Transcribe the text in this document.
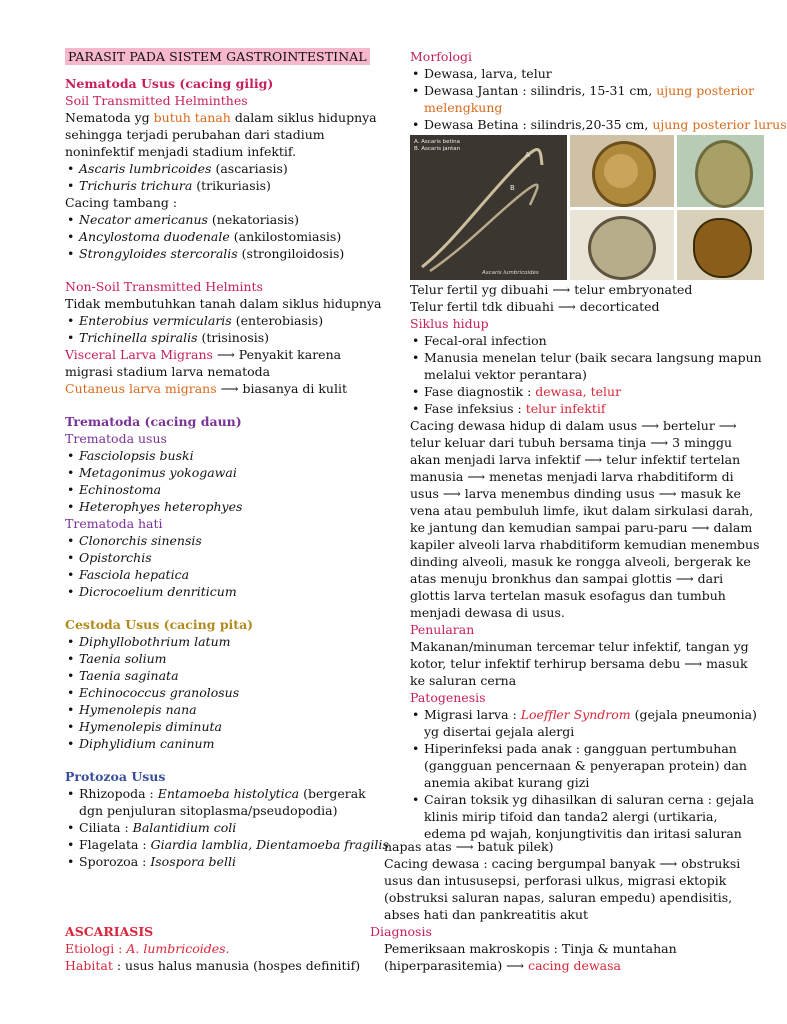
PARASIT PADA SISTEM GASTROINTESTINAL

Nematoda Usus (cacing gilig)

Soil Transmitted Helminthes

Nematoda yg butuh tanah dalam siklus hidupnya sehingga terjadi perubahan dari stadium noninfektif menjadi stadium infektif.

• Ascaris lumbricoides (ascariasis)
• Trichuris trichura (trikuriasis)

Cacing tambang :

• Necator americanus (nekatoriasis)
• Ancylostoma duodenale (ankilostomiasis)
• Strongyloides stercoralis (strongiloidosis)

Non-Soil Transmitted Helmints

Tidak membutuhkan tanah dalam siklus hidupnya

• Enterobius vermicularis (enterobiasis)
• Trichinella spiralis (trisinosis)

Visceral Larva Migrans ⟶ Penyakit karena migrasi stadium larva nematoda

Cutaneus larva migrans ⟶ biasanya di kulit

Trematoda (cacing daun)

Trematoda usus

• Fasciolopsis buski
• Metagonimus yokogawai
• Echinostoma
• Heterophyes heterophyes

Trematoda hati

• Clonorchis sinensis
• Opistorchis
• Fasciola hepatica
• Dicrocoelium denriticum

Cestoda Usus (cacing pita)

• Diphyllobothrium latum
• Taenia solium
• Taenia saginata
• Echinococcus granolosus
• Hymenolepis nana
• Hymenolepis diminuta
• Diphylidium caninum

Protozoa Usus

• Rhizopoda : Entamoeba histolytica (bergerak dgn penjuluran sitoplasma/pseudopodia)
• Ciliata : Balantidium coli
• Flagelata : Giardia lamblia, Dientamoeba fragilis
• Sporozoa : Isospora belli

ASCARIASIS

Etiologi : A. lumbricoides.

Habitat : usus halus manusia (hospes definitif)

Morfologi

• Dewasa, larva, telur
• Dewasa Jantan : silindris, 15-31 cm, ujung posterior melengkung
• Dewasa Betina : silindris,20-35 cm, ujung posterior lurus
A. Ascaris betina
B. Ascaris jantan
A
B
Ascaris lumbricoides

Telur fertil yg dibuahi ⟶ telur embryonated

Telur fertil tdk dibuahi ⟶ decorticated

Siklus hidup

• Fecal-oral infection
• Manusia menelan telur (baik secara langsung mapun melalui vektor perantara)
• Fase diagnostik : dewasa, telur
• Fase infeksius : telur infektif

Cacing dewasa hidup di dalam usus ⟶ bertelur ⟶ telur keluar dari tubuh bersama tinja ⟶ 3 minggu akan menjadi larva infektif ⟶ telur infektif tertelan manusia ⟶ menetas menjadi larva rhabditiform di usus ⟶ larva menembus dinding usus ⟶ masuk ke vena atau pembuluh limfe, ikut dalam sirkulasi darah, ke jantung dan kemudian sampai paru-paru ⟶ dalam kapiler alveoli larva rhabditiform kemudian menembus dinding alveoli, masuk ke rongga alveoli, bergerak ke atas menuju bronkhus dan sampai glottis ⟶ dari glottis larva tertelan masuk esofagus dan tumbuh menjadi dewasa di usus.

Penularan

Makanan/minuman tercemar telur infektif, tangan yg kotor, telur infektif terhirup bersama debu ⟶ masuk ke saluran cerna

Patogenesis

• Migrasi larva : Loeffler Syndrom (gejala pneumonia) yg disertai gejala alergi
• Hiperinfeksi pada anak : gangguan pertumbuhan (gangguan pencernaan & penyerapan protein) dan anemia akibat kurang gizi
• Cairan toksik yg dihasilkan di saluran cerna : gejala klinis mirip tifoid dan tanda2 alergi (urtikaria, edema pd wajah, konjungtivitis dan iritasi saluran

napas atas ⟶ batuk pilek)

Cacing dewasa : cacing bergumpal banyak ⟶ obstruksi usus dan intususepsi, perforasi ulkus, migrasi ektopik (obstruksi saluran napas, saluran empedu) apendisitis, abses hati dan pankreatitis akut

Diagnosis

Pemeriksaan makroskopis : Tinja & muntahan (hiperparasitemia) ⟶ cacing dewasa
